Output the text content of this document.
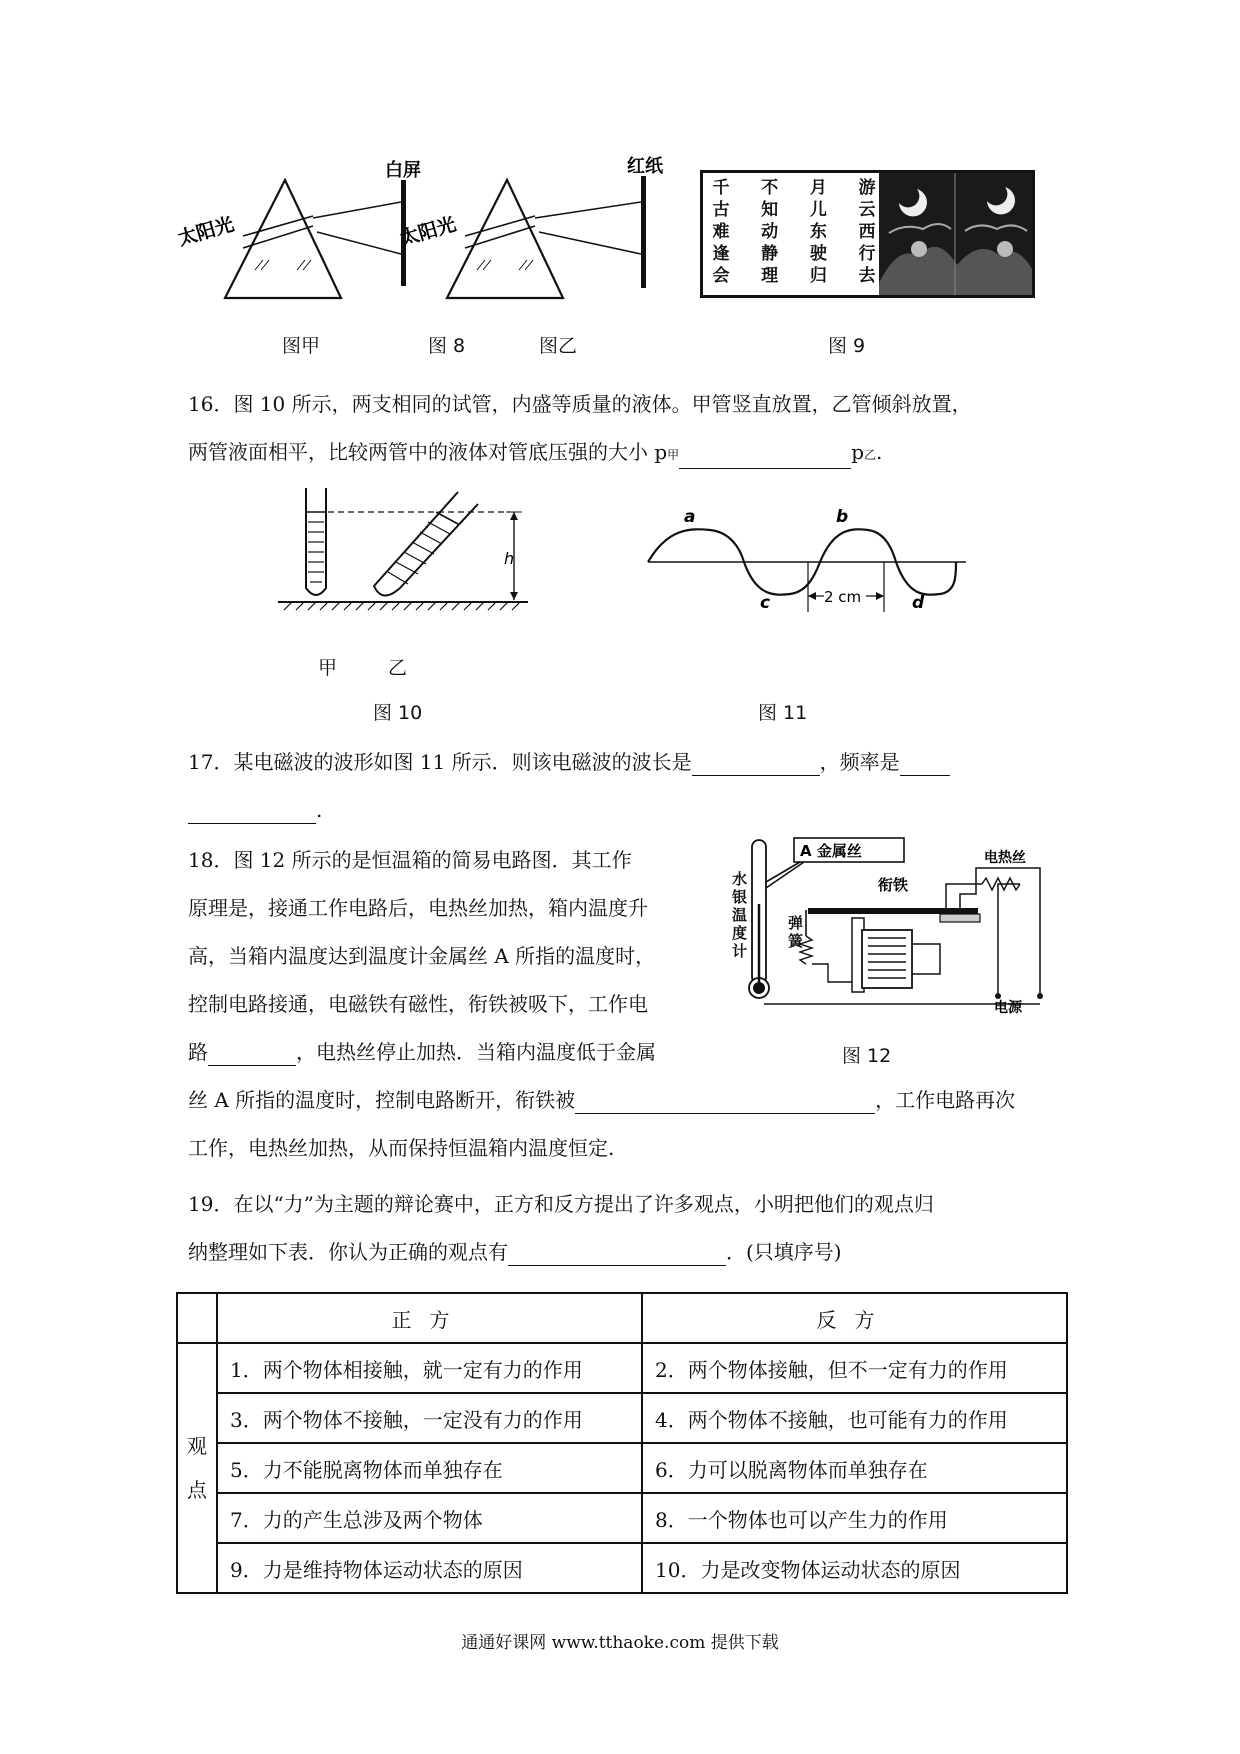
太阳光
白屏
太阳光
红纸
千古难逢会
不知动静理
月儿东驶归
游云西行去
图甲	图 8	图乙	图 9
16．图 10 所示，两支相同的试管，内盛等质量的液体。甲管竖直放置，乙管倾斜放置，
两管液面相平，比较两管中的液体对管底压强的大小 p甲	p乙.
h
甲	乙
图 10
2 cm
a	b
c	d
图 11
17．某电磁波的波形如图 11 所示．则该电磁波的波长是	，频率是
.
18．图 12 所示的是恒温箱的简易电路图．其工作
原理是，接通工作电路后，电热丝加热，箱内温度升
高，当箱内温度达到温度计金属丝 A 所指的温度时，
控制电路接通，电磁铁有磁性，衔铁被吸下，工作电
路	，电热丝停止加热．当箱内温度低于金属
丝 A 所指的温度时，控制电路断开，衔铁被	，工作电路再次
工作，电热丝加热，从而保持恒温箱内温度恒定.
A 金属丝
衔铁
电热丝
电源
水银温度计
弹簧
图 12
19．在以“力”为主题的辩论赛中，正方和反方提出了许多观点，小明把他们的观点归
纳整理如下表．你认为正确的观点有	．(只填序号)
	正方	反方

观
点	1．两个物体相接触，就一定有力的作用	2．两个物体接触，但不一定有力的作用
	3．两个物体不接触，一定没有力的作用	4．两个物体不接触，也可能有力的作用
	5．力不能脱离物体而单独存在	6．力可以脱离物体而单独存在
	7．力的产生总涉及两个物体	8．一个物体也可以产生力的作用
	9．力是维持物体运动状态的原因	10．力是改变物体运动状态的原因
通通好课网 www.tthaoke.com 提供下载
